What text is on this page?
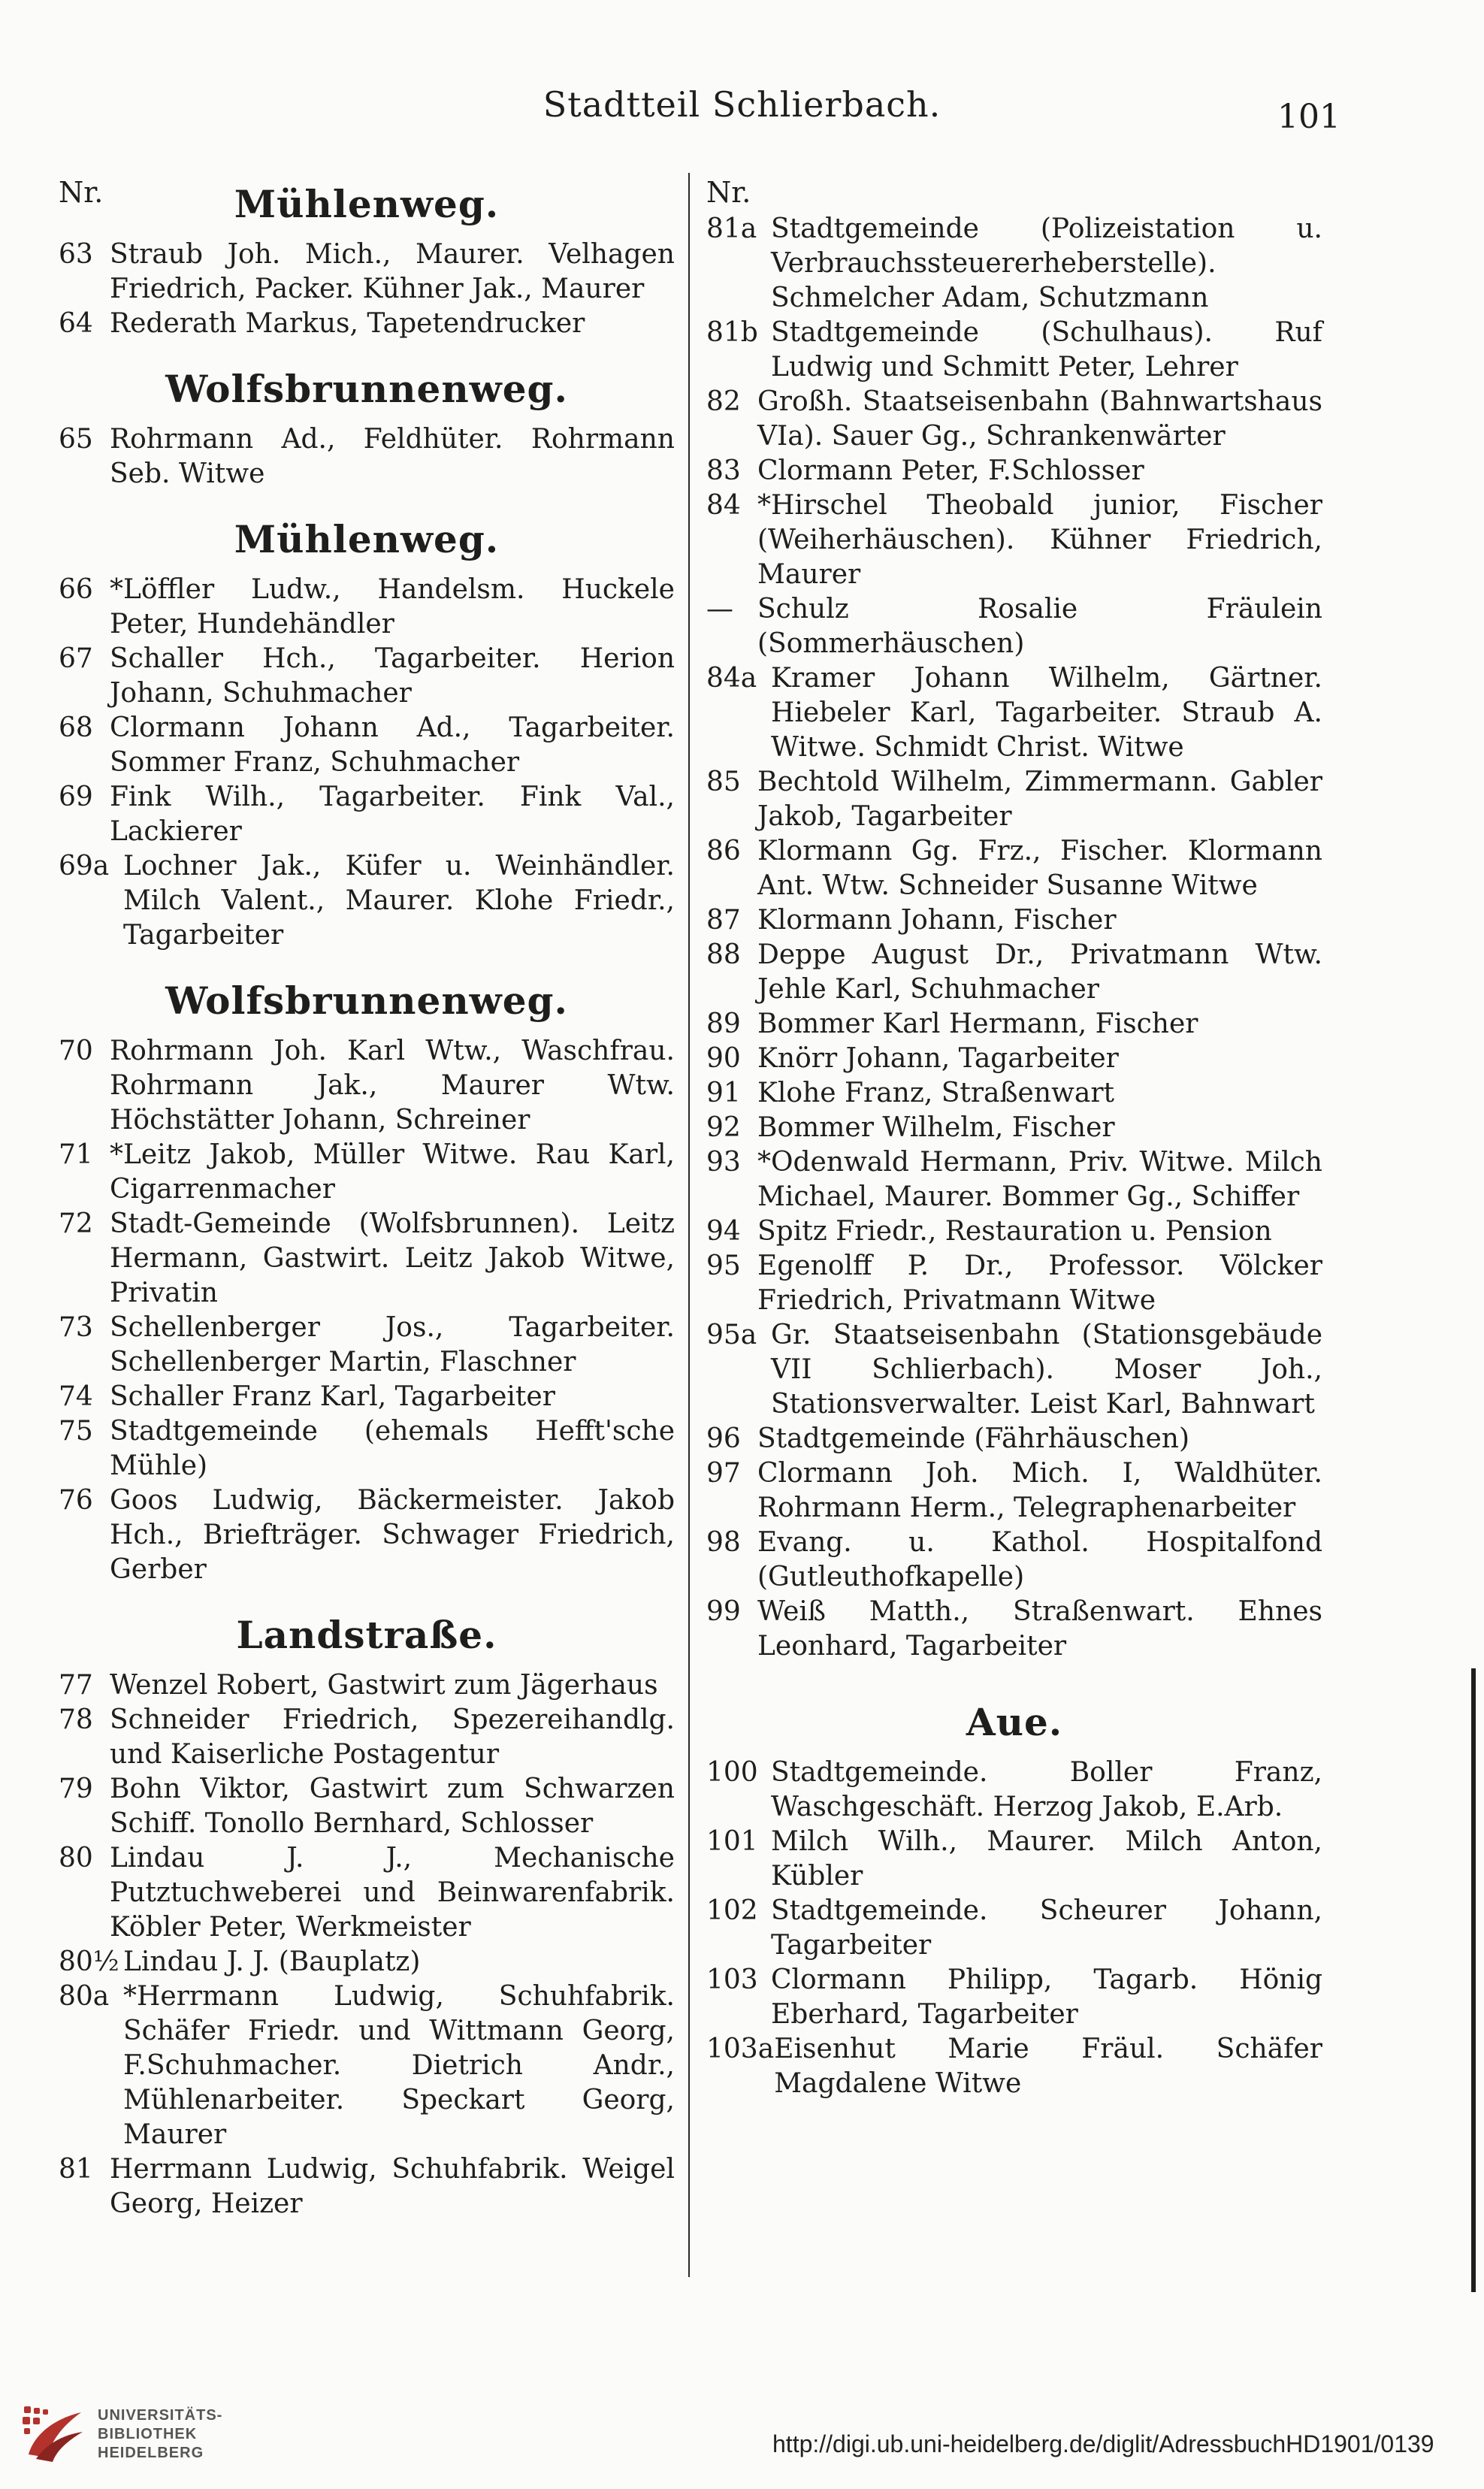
Stadtteil Schlierbach.	101
Nr.	Mühlenweg.
63 Straub Joh. Mich., Maurer. Velhagen Friedrich, Packer. Kühner Jak., Maurer
64 Rederath Markus, Tapetendrucker
Wolfsbrunnenweg.
65 Rohrmann Ad., Feldhüter. Rohrmann Seb. Witwe
Mühlenweg.
66 *Löffler Ludw., Handelsm. Huckele Peter, Hundehändler
67 Schaller Hch., Tagarbeiter. Herion Johann, Schuhmacher
68 Clormann Johann Ad., Tagarbeiter. Sommer Franz, Schuhmacher
69 Fink Wilh., Tagarbeiter. Fink Val., Lackierer
69a Lochner Jak., Küfer u. Weinhändler. Milch Valent., Maurer. Klohe Friedr., Tagarbeiter
Wolfsbrunnenweg.
70 Rohrmann Joh. Karl Wtw., Waschfrau. Rohrmann Jak., Maurer Wtw. Höchstätter Johann, Schreiner
71 *Leitz Jakob, Müller Witwe. Rau Karl, Cigarrenmacher
72 Stadt-Gemeinde (Wolfsbrunnen). Leitz Hermann, Gastwirt. Leitz Jakob Witwe, Privatin
73 Schellenberger Jos., Tagarbeiter. Schellenberger Martin, Flaschner
74 Schaller Franz Karl, Tagarbeiter
75 Stadtgemeinde (ehemals Hefft'sche Mühle)
76 Goos Ludwig, Bäckermeister. Jakob Hch., Briefträger. Schwager Friedrich, Gerber
Landstraße.
77 Wenzel Robert, Gastwirt zum Jägerhaus
78 Schneider Friedrich, Spezereihandlg. und Kaiserliche Postagentur
79 Bohn Viktor, Gastwirt zum Schwarzen Schiff. Tonollo Bernhard, Schlosser
80 Lindau J. J., Mechanische Putztuchweberei und Beinwarenfabrik. Köbler Peter, Werkmeister
80½ Lindau J. J. (Bauplatz)
80a *Herrmann Ludwig, Schuhfabrik. Schäfer Friedr. und Wittmann Georg, F.Schuhmacher. Dietrich Andr., Mühlenarbeiter. Speckart Georg, Maurer
81 Herrmann Ludwig, Schuhfabrik. Weigel Georg, Heizer
Nr.
81a Stadtgemeinde (Polizeistation u. Verbrauchssteuererheberstelle). Schmelcher Adam, Schutzmann
81b Stadtgemeinde (Schulhaus). Ruf Ludwig und Schmitt Peter, Lehrer
82 Großh. Staatseisenbahn (Bahnwartshaus VIa). Sauer Gg., Schrankenwärter
83 Clormann Peter, F.Schlosser
84 *Hirschel Theobald junior, Fischer (Weiherhäuschen). Kühner Friedrich, Maurer
— Schulz Rosalie Fräulein (Sommerhäuschen)
84a Kramer Johann Wilhelm, Gärtner. Hiebeler Karl, Tagarbeiter. Straub A. Witwe. Schmidt Christ. Witwe
85 Bechtold Wilhelm, Zimmermann. Gabler Jakob, Tagarbeiter
86 Klormann Gg. Frz., Fischer. Klormann Ant. Wtw. Schneider Susanne Witwe
87 Klormann Johann, Fischer
88 Deppe August Dr., Privatmann Wtw. Jehle Karl, Schuhmacher
89 Bommer Karl Hermann, Fischer
90 Knörr Johann, Tagarbeiter
91 Klohe Franz, Straßenwart
92 Bommer Wilhelm, Fischer
93 *Odenwald Hermann, Priv. Witwe. Milch Michael, Maurer. Bommer Gg., Schiffer
94 Spitz Friedr., Restauration u. Pension
95 Egenolff P. Dr., Professor. Völcker Friedrich, Privatmann Witwe
95a Gr. Staatseisenbahn (Stationsgebäude VII Schlierbach). Moser Joh., Stationsverwalter. Leist Karl, Bahnwart
96 Stadtgemeinde (Fährhäuschen)
97 Clormann Joh. Mich. I, Waldhüter. Rohrmann Herm., Telegraphenarbeiter
98 Evang. u. Kathol. Hospitalfond (Gutleuthofkapelle)
99 Weiß Matth., Straßenwart. Ehnes Leonhard, Tagarbeiter
Aue.
100 Stadtgemeinde. Boller Franz, Waschgeschäft. Herzog Jakob, E.Arb.
101 Milch Wilh., Maurer. Milch Anton, Kübler
102 Stadtgemeinde. Scheurer Johann, Tagarbeiter
103 Clormann Philipp, Tagarb. Hönig Eberhard, Tagarbeiter
103a Eisenhut Marie Fräul. Schäfer Magdalene Witwe
UNIVERSITÄTS-
BIBLIOTHEK
HEIDELBERG	http://digi.ub.uni-heidelberg.de/diglit/AdressbuchHD1901/0139
